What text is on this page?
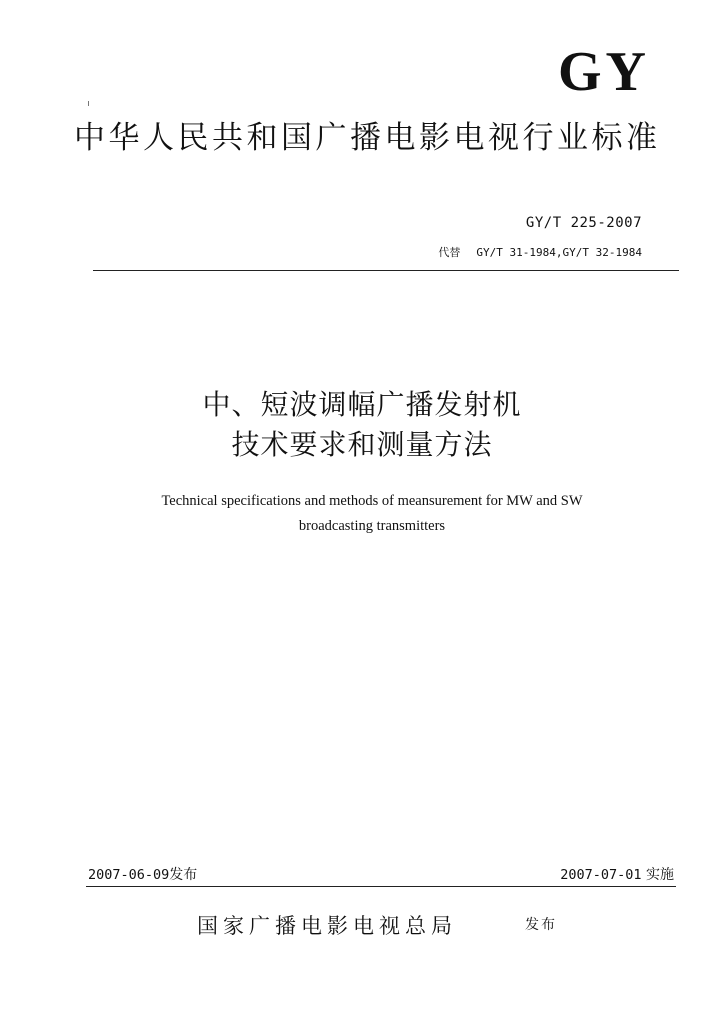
GY
中华人民共和国广播电影电视行业标准
GY/T 225-2007
代替 GY/T 31-1984,GY/T 32-1984
中、短波调幅广播发射机
技术要求和测量方法
Technical specifications and methods of meansurement for MW and SW
broadcasting transmitters
2007-06-09发布	2007-07-01 实施
国家广播电影电视总局	发布
